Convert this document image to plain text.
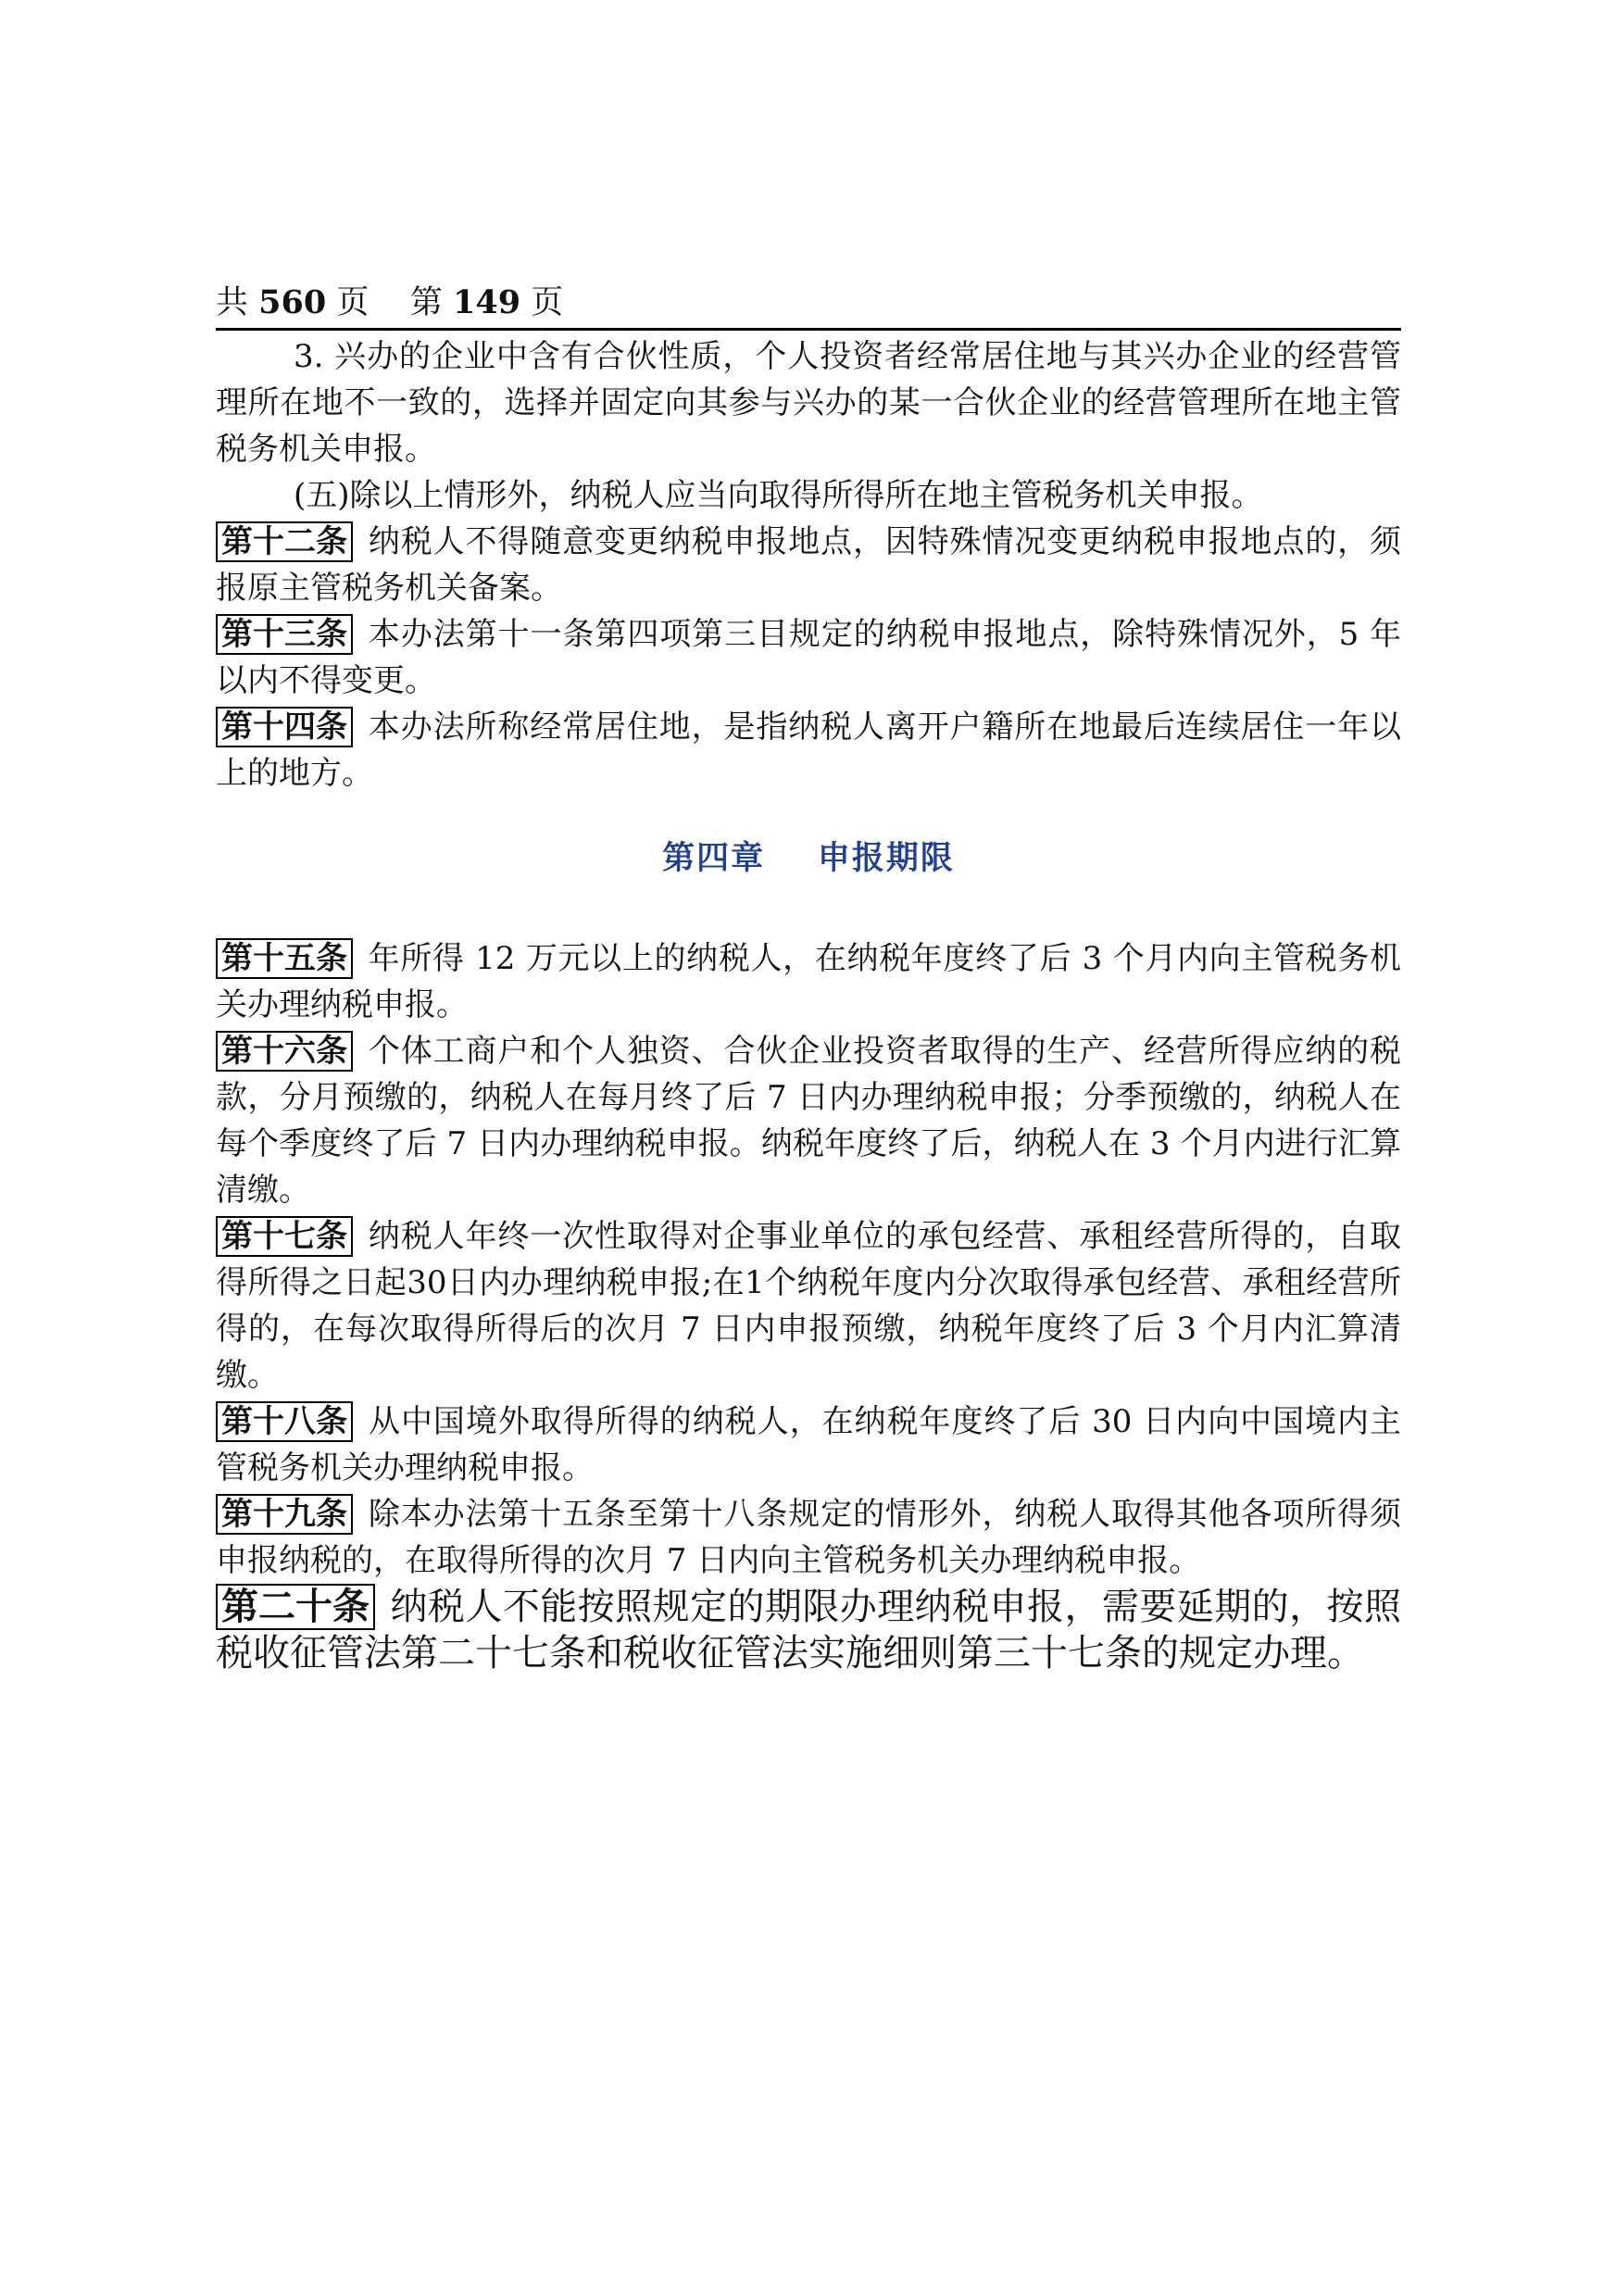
共 560 页 第 149 页

3. 兴办的企业中含有合伙性质，个人投资者经常居住地与其兴办企业的经营管理所在地不一致的，选择并固定向其参与兴办的某一合伙企业的经营管理所在地主管税务机关申报。

(五)除以上情形外，纳税人应当向取得所得所在地主管税务机关申报。

第十二条 纳税人不得随意变更纳税申报地点，因特殊情况变更纳税申报地点的，须报原主管税务机关备案。

第十三条 本办法第十一条第四项第三目规定的纳税申报地点，除特殊情况外，5 年以内不得变更。

第十四条 本办法所称经常居住地，是指纳税人离开户籍所在地最后连续居住一年以上的地方。

第四章    申报期限

第十五条 年所得 12 万元以上的纳税人，在纳税年度终了后 3 个月内向主管税务机关办理纳税申报。

第十六条 个体工商户和个人独资、合伙企业投资者取得的生产、经营所得应纳的税款，分月预缴的，纳税人在每月终了后 7 日内办理纳税申报；分季预缴的，纳税人在每个季度终了后 7 日内办理纳税申报。纳税年度终了后，纳税人在 3 个月内进行汇算清缴。

第十七条 纳税人年终一次性取得对企事业单位的承包经营、承租经营所得的，自取得所得之日起30日内办理纳税申报;在1个纳税年度内分次取得承包经营、承租经营所得的，在每次取得所得后的次月 7 日内申报预缴，纳税年度终了后 3 个月内汇算清缴。

第十八条 从中国境外取得所得的纳税人，在纳税年度终了后 30 日内向中国境内主管税务机关办理纳税申报。

第十九条 除本办法第十五条至第十八条规定的情形外，纳税人取得其他各项所得须申报纳税的，在取得所得的次月 7 日内向主管税务机关办理纳税申报。

第二十条 纳税人不能按照规定的期限办理纳税申报，需要延期的，按照税收征管法第二十七条和税收征管法实施细则第三十七条的规定办理。
